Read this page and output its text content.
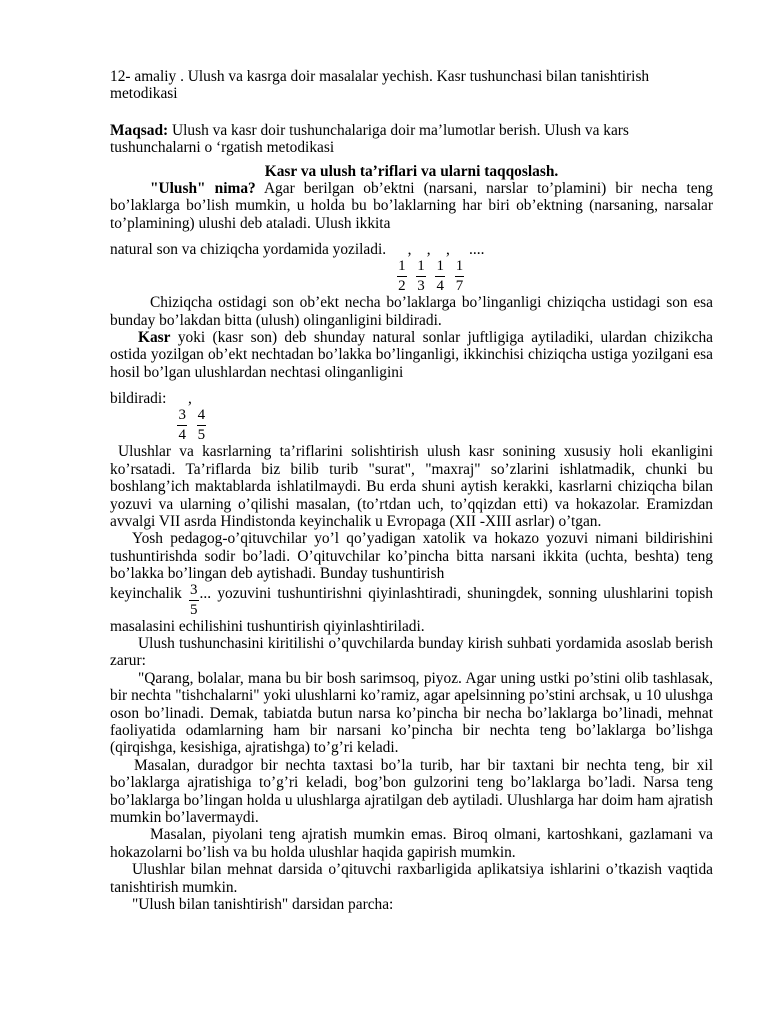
12- amaliy . Ulush va kasrga doir masalalar yechish. Kasr tushunchasi bilan tanishtirish metodikasi

Maqsad: Ulush va kasr doir tushunchalariga doir ma’lumotlar berish. Ulush va kars tushunchalarni o ‘rgatish metodikasi

Kasr va ulush ta’riflari va ularni taqqoslash.

"Ulush" nima? Agar berilgan ob’ektni (narsani, narslar to’plamini) bir necha teng bo’laklarga bo’lish mumkin, u holda bu bo’laklarning har biri ob’ektning (narsaning, narsalar to’plamining) ulushi deb ataladi. Ulush ikkita

natural son va chiziqcha yordamida yoziladi.
$\frac{1}{2}$
,
$\frac{1}{3}$
,
$\frac{1}{4}$
,
$\frac{1}{7}$
....

Chiziqcha ostidagi son ob’ekt necha bo’laklarga bo’linganligi chiziqcha ustidagi son esa bunday bo’lakdan bitta (ulush) olinganligini bildiradi.

Kasr yoki (kasr son) deb shunday natural sonlar juftligiga aytiladiki, ulardan chizikcha ostida yozilgan ob’ekt nechtadan bo’lakka bo’linganligi, ikkinchisi chiziqcha ustiga yozilgani esa hosil bo’lgan ulushlardan nechtasi olinganligini

bildiradi:
$\frac{3}{4}$
,
$\frac{4}{5}$

Ulushlar va kasrlarning ta’riflarini solishtirish ulush kasr sonining xususiy holi ekanligini ko’rsatadi. Ta’riflarda biz bilib turib "surat", "maxraj" so’zlarini ishlatmadik, chunki bu boshlang’ich maktablarda ishlatilmaydi. Bu erda shuni aytish kerakki, kasrlarni chiziqcha bilan yozuvi va ularning o’qilishi masalan, (to’rtdan uch, to’qqizdan etti) va hokazolar. Eramizdan avvalgi VII asrda Hindistonda keyinchalik u Evropaga (XII -XIII asrlar) o’tgan.

Yosh pedagog-o’qituvchilar yo’l qo’yadigan xatolik va hokazo yozuvi nimani bildirishini tushuntirishda sodir bo’ladi. O’qituvchilar ko’pincha bitta narsani ikkita (uchta, beshta) teng bo’lakka bo’lingan deb aytishadi. Bunday tushuntirish

keyinchalik $\frac{3}{5}$ ... yozuvini tushuntirishni qiyinlashtiradi, shuningdek, sonning ulushlarini topish masalasini echilishini tushuntirish qiyinlashtiriladi.

Ulush tushunchasini kiritilishi o’quvchilarda bunday kirish suhbati yordamida asoslab berish zarur:

"Qarang, bolalar, mana bu bir bosh sarimsoq, piyoz. Agar uning ustki po’stini olib tashlasak, bir nechta "tishchalarni" yoki ulushlarni ko’ramiz, agar apelsinning po’stini archsak, u 10 ulushga oson bo’linadi. Demak, tabiatda butun narsa ko’pincha bir necha bo’laklarga bo’linadi, mehnat faoliyatida odamlarning ham bir narsani ko’pincha bir nechta teng bo’laklarga bo’lishga (qirqishga, kesishiga, ajratishga) to’g’ri keladi.

Masalan, duradgor bir nechta taxtasi bo’la turib, har bir taxtani bir nechta teng, bir xil bo’laklarga ajratishiga to’g’ri keladi, bog’bon gulzorini teng bo’laklarga bo’ladi. Narsa teng bo’laklarga bo’lingan holda u ulushlarga ajratilgan deb aytiladi. Ulushlarga har doim ham ajratish mumkin bo’lavermaydi.

Masalan, piyolani teng ajratish mumkin emas. Biroq olmani, kartoshkani, gazlamani va hokazolarni bo’lish va bu holda ulushlar haqida gapirish mumkin.

Ulushlar bilan mehnat darsida o’qituvchi raxbarligida aplikatsiya ishlarini o’tkazish vaqtida tanishtirish mumkin.

"Ulush bilan tanishtirish" darsidan parcha:
